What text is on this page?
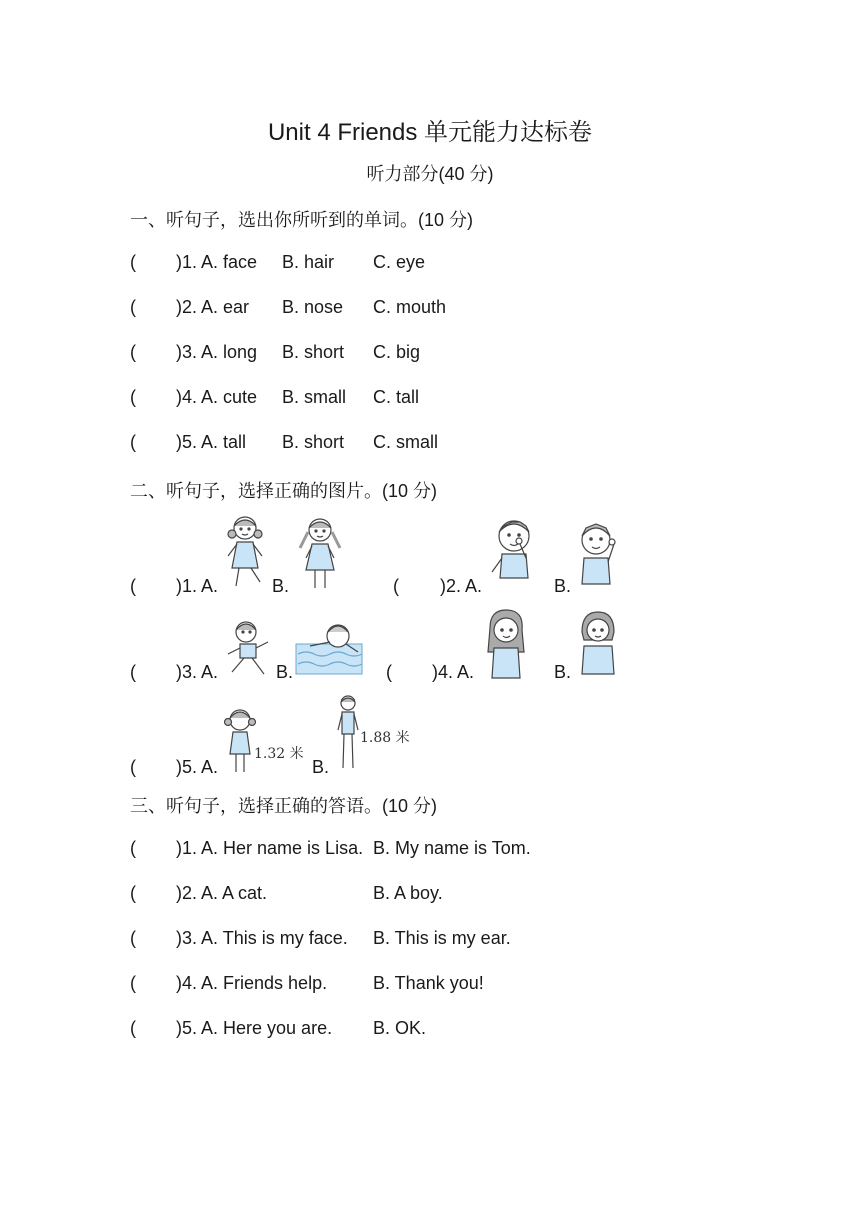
Unit 4 Friends 单元能力达标卷
听力部分(40 分)
一、听句子，选出你所听到的单词。(10 分)
( )1. A. face B. hair C. eye
( )2. A. ear B. nose C. mouth
( )3. A. long B. short C. big
( )4. A. cute B. small C. tall
( )5. A. tall B. short C. small
二、听句子，选择正确的图片。(10 分)
( )1. A.	B.	( )2. A.	B.
( )3. A.	B.	( )4. A.	B.
( )5. A.
1.32 米
B.
1.88 米
三、听句子，选择正确的答语。(10 分)
( )1. A. Her name is Lisa. B. My name is Tom.
( )2. A. A cat.	B. A boy.
( )3. A. This is my face. B. This is my ear.
( )4. A. Friends help.	B. Thank you!
( )5. A. Here you are. B. OK.
